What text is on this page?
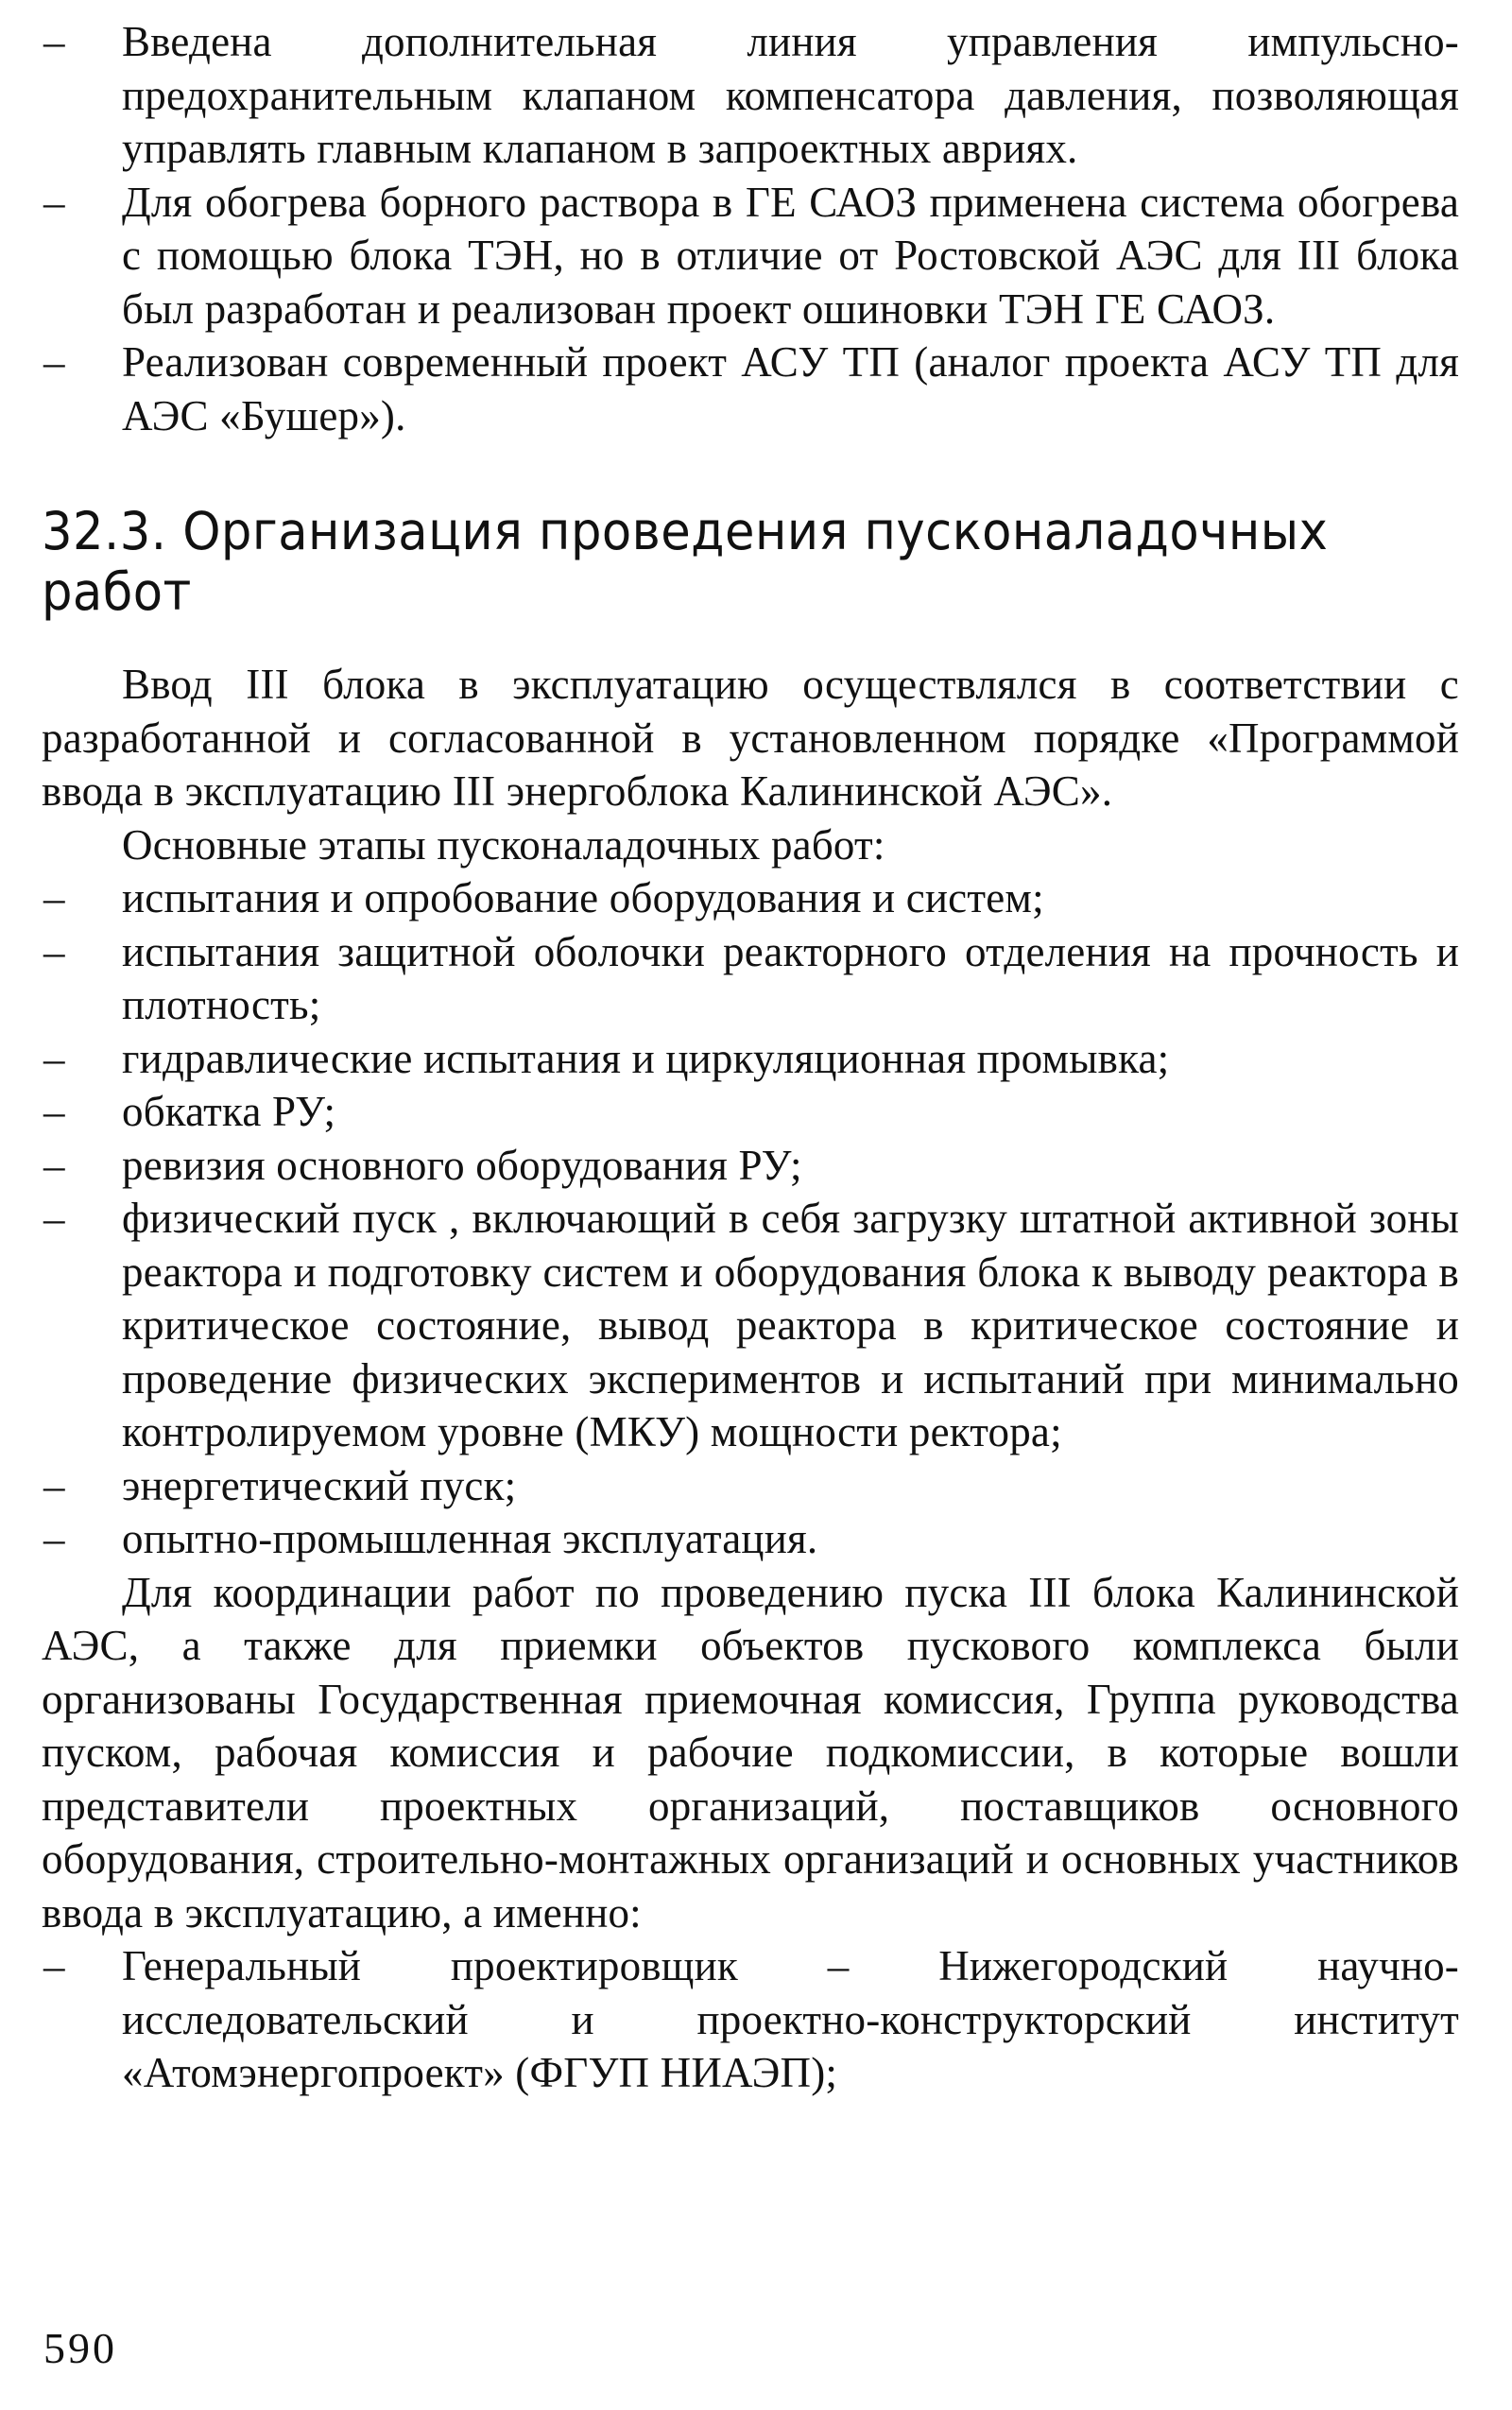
– Введена дополнительная линия управления импульсно-предохранительным клапаном компенсатора давления, позволяющая управлять главным клапаном в запроектных авриях.
– Для обогрева борного раствора в ГЕ САОЗ применена система обогрева с помощью блока ТЭН, но в отличие от Ростовской АЭС для III блока был разработан и реализован проект ошиновки ТЭН ГЕ САОЗ.
– Реализован современный проект АСУ ТП (аналог проекта АСУ ТП для АЭС «Бушер»).
32.3. Организация проведения пусконаладочных работ
Ввод III блока в эксплуатацию осуществлялся в соответствии с разработанной и согласованной в установленном порядке «Программой ввода в эксплуатацию III энергоблока Калининской АЭС».
Основные этапы пусконаладочных работ:
– испытания и опробование оборудования и систем;
– испытания защитной оболочки реакторного отделения на прочность и плотность;
– гидравлические испытания и циркуляционная промывка;
– обкатка РУ;
– ревизия основного оборудования РУ;
– физический пуск , включающий в себя загрузку штатной активной зоны реактора и подготовку систем и оборудования блока к выводу реактора в критическое состояние, вывод реактора в критическое состояние и проведение физических экспериментов и испытаний при минимально контролируемом уровне (МКУ) мощности ректора;
– энергетический пуск;
– опытно-промышленная эксплуатация.
Для координации работ по проведению пуска III блока Калининской АЭС, а также для приемки объектов пускового комплекса были организованы Государственная приемочная комиссия, Группа руководства пуском, рабочая комиссия и рабочие подкомиссии, в которые вошли представители проектных организаций, поставщиков основного оборудования, строительно-монтажных организаций и основных участников ввода в эксплуатацию, а именно:
– Генеральный проектировщик – Нижегородский научно-исследовательский и проектно-конструкторский институт «Атомэнергопроект» (ФГУП НИАЭП);
590
